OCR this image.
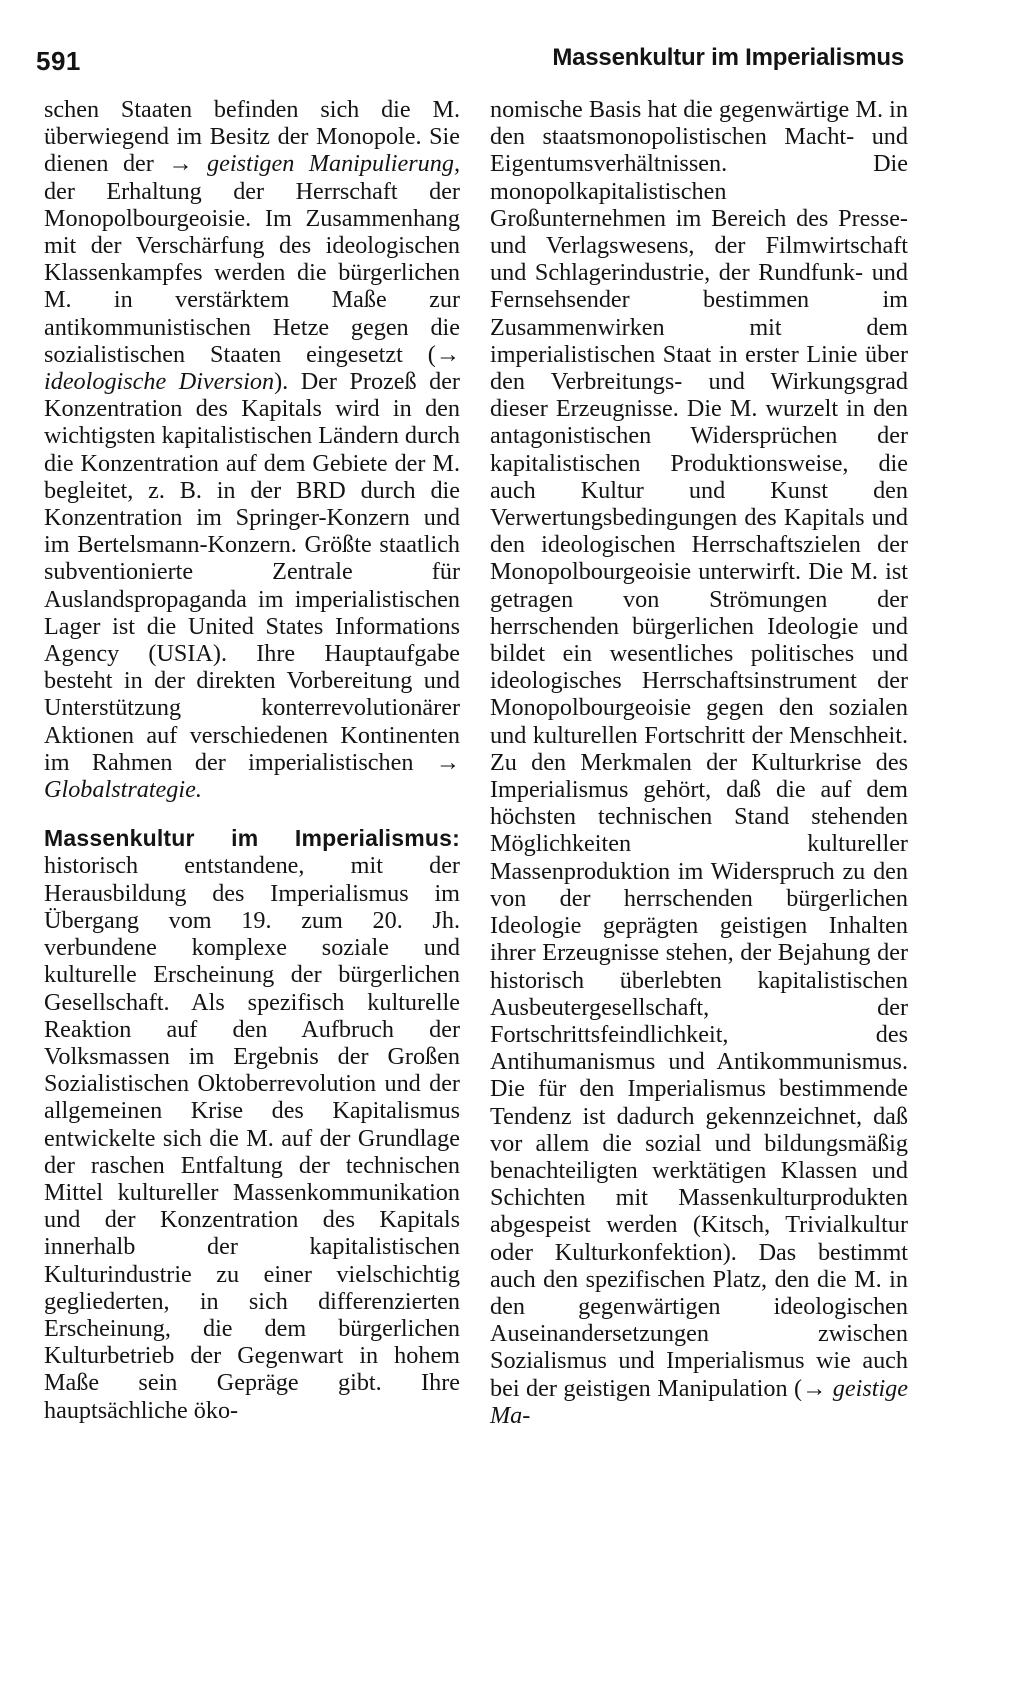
591	Massenkultur im Imperialismus

schen Staaten befinden sich die M. überwiegend im Besitz der Monopole. Sie dienen der → geistigen Manipulierung, der Erhaltung der Herrschaft der Monopolbourgeoisie. Im Zusammenhang mit der Verschärfung des ideologischen Klassenkampfes werden die bürgerlichen M. in verstärktem Maße zur antikommunistischen Hetze gegen die sozialistischen Staaten eingesetzt (→ ideologische Diversion). Der Prozeß der Konzentration des Kapitals wird in den wichtigsten kapitalistischen Ländern durch die Konzentration auf dem Gebiete der M. begleitet, z. B. in der BRD durch die Konzentration im Springer-Konzern und im Bertelsmann-Konzern. Größte staatlich subventionierte Zentrale für Auslandspropaganda im imperialistischen Lager ist die United States Informations Agency (USIA). Ihre Hauptaufgabe besteht in der direkten Vorbereitung und Unterstützung konterrevolutionärer Aktionen auf verschiedenen Kontinenten im Rahmen der imperialistischen → Globalstrategie.

Massenkultur im Imperialismus: historisch entstandene, mit der Herausbildung des Imperialismus im Übergang vom 19. zum 20. Jh. verbundene komplexe soziale und kulturelle Erscheinung der bürgerlichen Gesellschaft. Als spezifisch kulturelle Reaktion auf den Aufbruch der Volksmassen im Ergebnis der Großen Sozialistischen Oktoberrevolution und der allgemeinen Krise des Kapitalismus entwickelte sich die M. auf der Grundlage der raschen Entfaltung der technischen Mittel kultureller Massenkommunikation und der Konzentration des Kapitals innerhalb der kapitalistischen Kulturindustrie zu einer vielschichtig gegliederten, in sich differenzierten Erscheinung, die dem bürgerlichen Kulturbetrieb der Gegenwart in hohem Maße sein Gepräge gibt. Ihre hauptsächliche öko-

nomische Basis hat die gegenwärtige M. in den staatsmonopolistischen Macht- und Eigentumsverhältnissen. Die monopolkapitalistischen Großunternehmen im Bereich des Presse- und Verlagswesens, der Filmwirtschaft und Schlagerindustrie, der Rundfunk- und Fernsehsender bestimmen im Zusammenwirken mit dem imperialistischen Staat in erster Linie über den Verbreitungs- und Wirkungsgrad dieser Erzeugnisse. Die M. wurzelt in den antagonistischen Widersprüchen der kapitalistischen Produktionsweise, die auch Kultur und Kunst den Verwertungsbedingungen des Kapitals und den ideologischen Herrschaftszielen der Monopolbourgeoisie unterwirft. Die M. ist getragen von Strömungen der herrschenden bürgerlichen Ideologie und bildet ein wesentliches politisches und ideologisches Herrschaftsinstrument der Monopolbourgeoisie gegen den sozialen und kulturellen Fortschritt der Menschheit. Zu den Merkmalen der Kulturkrise des Imperialismus gehört, daß die auf dem höchsten technischen Stand stehenden Möglichkeiten kultureller Massenproduktion im Widerspruch zu den von der herrschenden bürgerlichen Ideologie geprägten geistigen Inhalten ihrer Erzeugnisse stehen, der Bejahung der historisch überlebten kapitalistischen Ausbeutergesellschaft, der Fortschrittsfeindlichkeit, des Antihumanismus und Antikommunismus. Die für den Imperialismus bestimmende Tendenz ist dadurch gekennzeichnet, daß vor allem die sozial und bildungsmäßig benachteiligten werktätigen Klassen und Schichten mit Massenkulturprodukten abgespeist werden (Kitsch, Trivialkultur oder Kulturkonfektion). Das bestimmt auch den spezifischen Platz, den die M. in den gegenwärtigen ideologischen Auseinandersetzungen zwischen Sozialismus und Imperialismus wie auch bei der geistigen Manipulation (→ geistige Ma-
